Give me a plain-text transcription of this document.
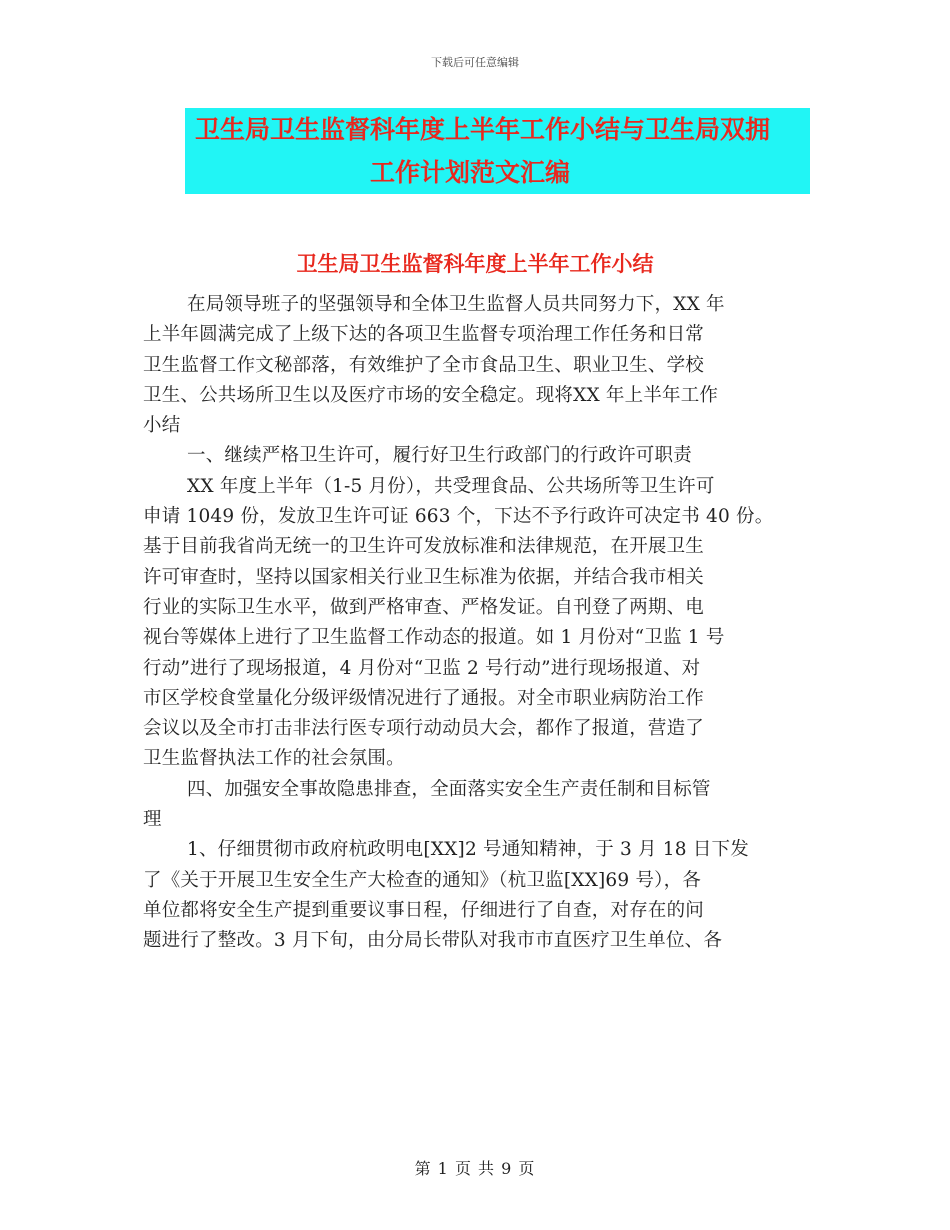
下载后可任意编辑
卫生局卫生监督科年度上半年工作小结与卫生局双拥
工作计划范文汇编
卫生局卫生监督科年度上半年工作小结
在局领导班子的坚强领导和全体卫生监督人员共同努力下，XX 年
上半年圆满完成了上级下达的各项卫生监督专项治理工作任务和日常
卫生监督工作文秘部落，有效维护了全市食品卫生、职业卫生、学校
卫生、公共场所卫生以及医疗市场的安全稳定。现将XX 年上半年工作
小结
一、继续严格卫生许可，履行好卫生行政部门的行政许可职责
XX 年度上半年（1-5 月份），共受理食品、公共场所等卫生许可
申请 1049 份，发放卫生许可证 663 个，下达不予行政许可决定书 40 份。
基于目前我省尚无统一的卫生许可发放标准和法律规范，在开展卫生
许可审查时，坚持以国家相关行业卫生标准为依据，并结合我市相关
行业的实际卫生水平，做到严格审查、严格发证。自刊登了两期、电
视台等媒体上进行了卫生监督工作动态的报道。如 1 月份对“卫监 1 号
行动”进行了现场报道，4 月份对“卫监 2 号行动”进行现场报道、对
市区学校食堂量化分级评级情况进行了通报。对全市职业病防治工作
会议以及全市打击非法行医专项行动动员大会，都作了报道，营造了
卫生监督执法工作的社会氛围。
四、加强安全事故隐患排查，全面落实安全生产责任制和目标管
理
1、仔细贯彻市政府杭政明电[XX]2 号通知精神，于 3 月 18 日下发
了《关于开展卫生安全生产大检查的通知》（杭卫监[XX]69 号），各
单位都将安全生产提到重要议事日程，仔细进行了自查，对存在的问
题进行了整改。3 月下旬，由分局长带队对我市市直医疗卫生单位、各
第 1 页 共 9 页
